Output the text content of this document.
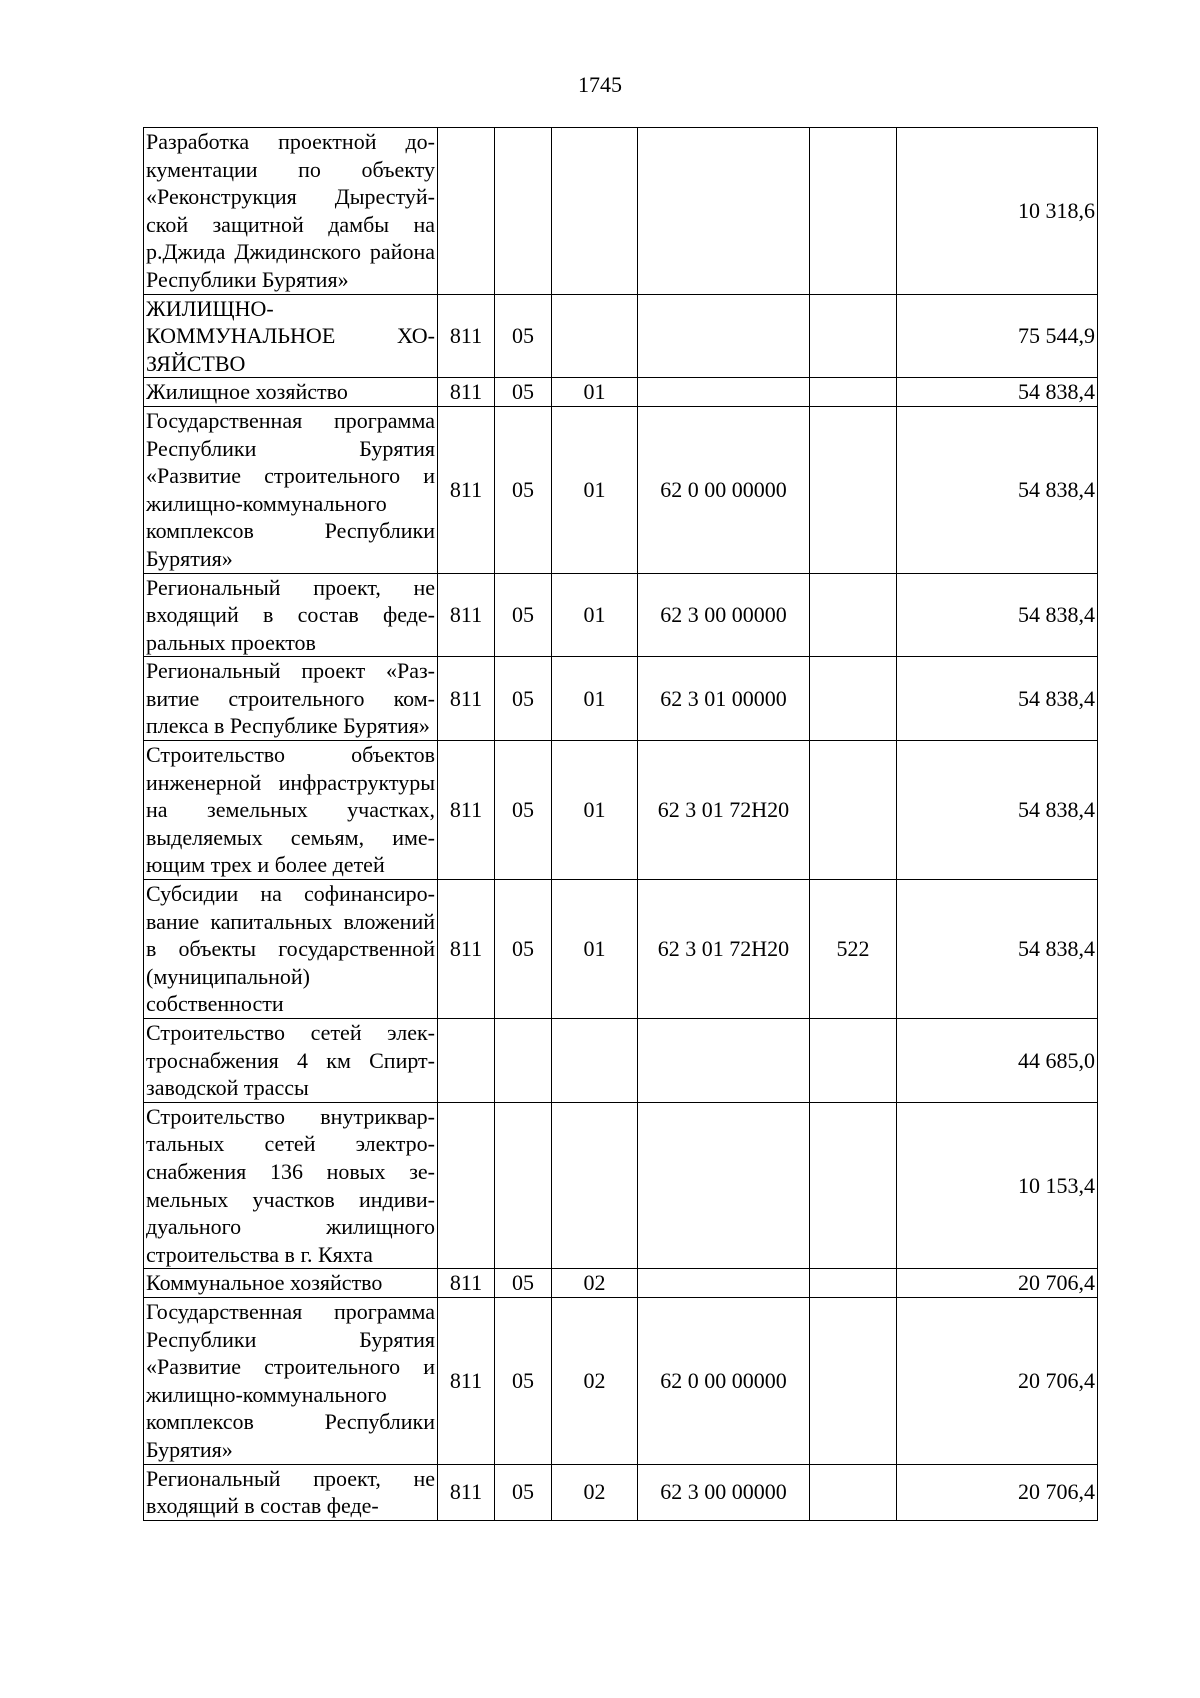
1745
Разработка проектной документации по объекту «Реконструкция Дырестуйской защитной дамбы на р.Джида Джидинского района Республики Бурятия»						10 318,6
ЖИЛИЩНО-КОММУНАЛЬНОЕ ХОЗЯЙСТВО	811	05				75 544,9
Жилищное хозяйство	811	05	01			54 838,4
Государственная программа Республики Бурятия «Развитие строительного и жилищно-коммунального комплексов Республики Бурятия»	811	05	01	62 0 00 00000		54 838,4
Региональный проект, не входящий в состав федеральных проектов	811	05	01	62 3 00 00000		54 838,4
Региональный проект «Развитие строительного комплекса в Республике Бурятия»	811	05	01	62 3 01 00000		54 838,4
Строительство объектов инженерной инфраструктуры на земельных участках, выделяемых семьям, имеющим трех и более детей	811	05	01	62 3 01 72Н20		54 838,4
Субсидии на софинансирование капитальных вложений в объекты государственной (муниципальной) собственности	811	05	01	62 3 01 72Н20	522	54 838,4
Строительство сетей электроснабжения 4 км Спиртзаводской трассы						44 685,0
Строительство внутриквартальных сетей электроснабжения 136 новых земельных участков индивидуального жилищного строительства в г. Кяхта						10 153,4
Коммунальное хозяйство	811	05	02			20 706,4
Государственная программа Республики Бурятия «Развитие строительного и жилищно-коммунального комплексов Республики Бурятия»	811	05	02	62 0 00 00000		20 706,4
Региональный проект, не входящий в состав феде-	811	05	02	62 3 00 00000		20 706,4
